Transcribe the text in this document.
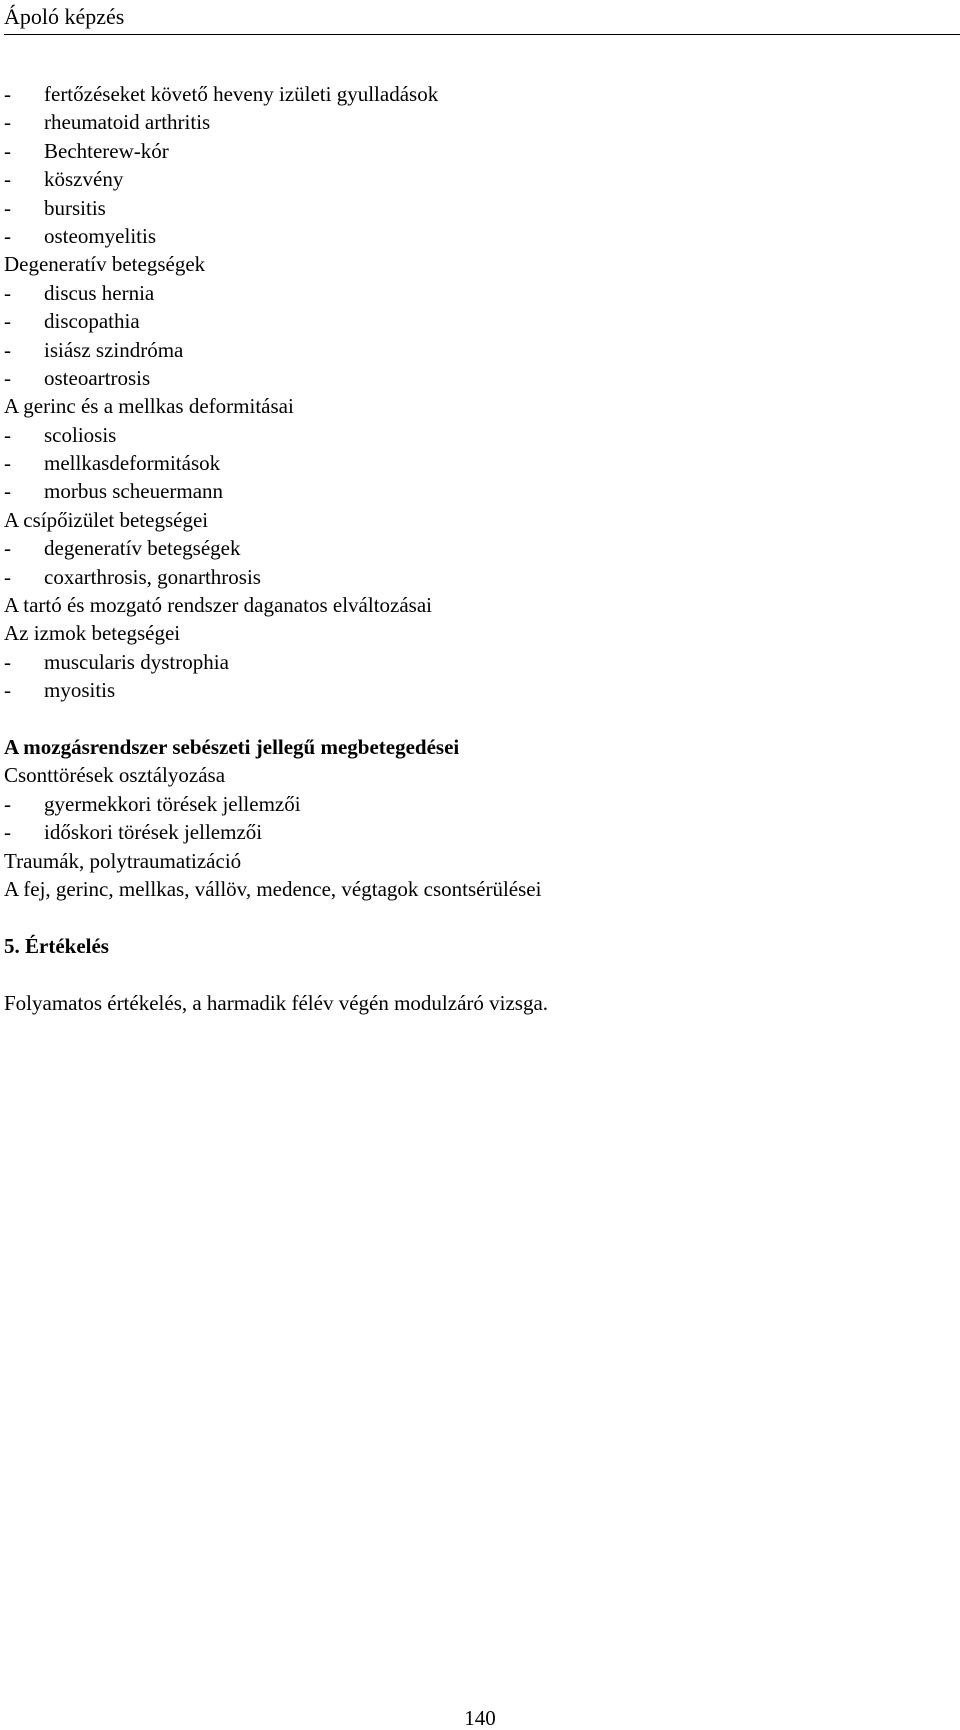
Ápoló képzés
- fertőzéseket követő heveny izületi gyulladások
- rheumatoid arthritis
- Bechterew-kór
- köszvény
- bursitis
- osteomyelitis
Degeneratív betegségek
- discus hernia
- discopathia
- isiász szindróma
- osteoartrosis
A gerinc és a mellkas deformitásai
- scoliosis
- mellkasdeformitások
- morbus scheuermann
A csípőizület betegségei
- degeneratív betegségek
- coxarthrosis, gonarthrosis
A tartó és mozgató rendszer daganatos elváltozásai
Az izmok betegségei
- muscularis dystrophia
- myositis
A mozgásrendszer sebészeti jellegű megbetegedései
Csonttörések osztályozása
- gyermekkori törések jellemzői
- időskori törések jellemzői
Traumák, polytraumatizáció
A fej, gerinc, mellkas, vállöv, medence, végtagok csontsérülései
5. Értékelés
Folyamatos értékelés, a harmadik félév végén modulzáró vizsga.
140
